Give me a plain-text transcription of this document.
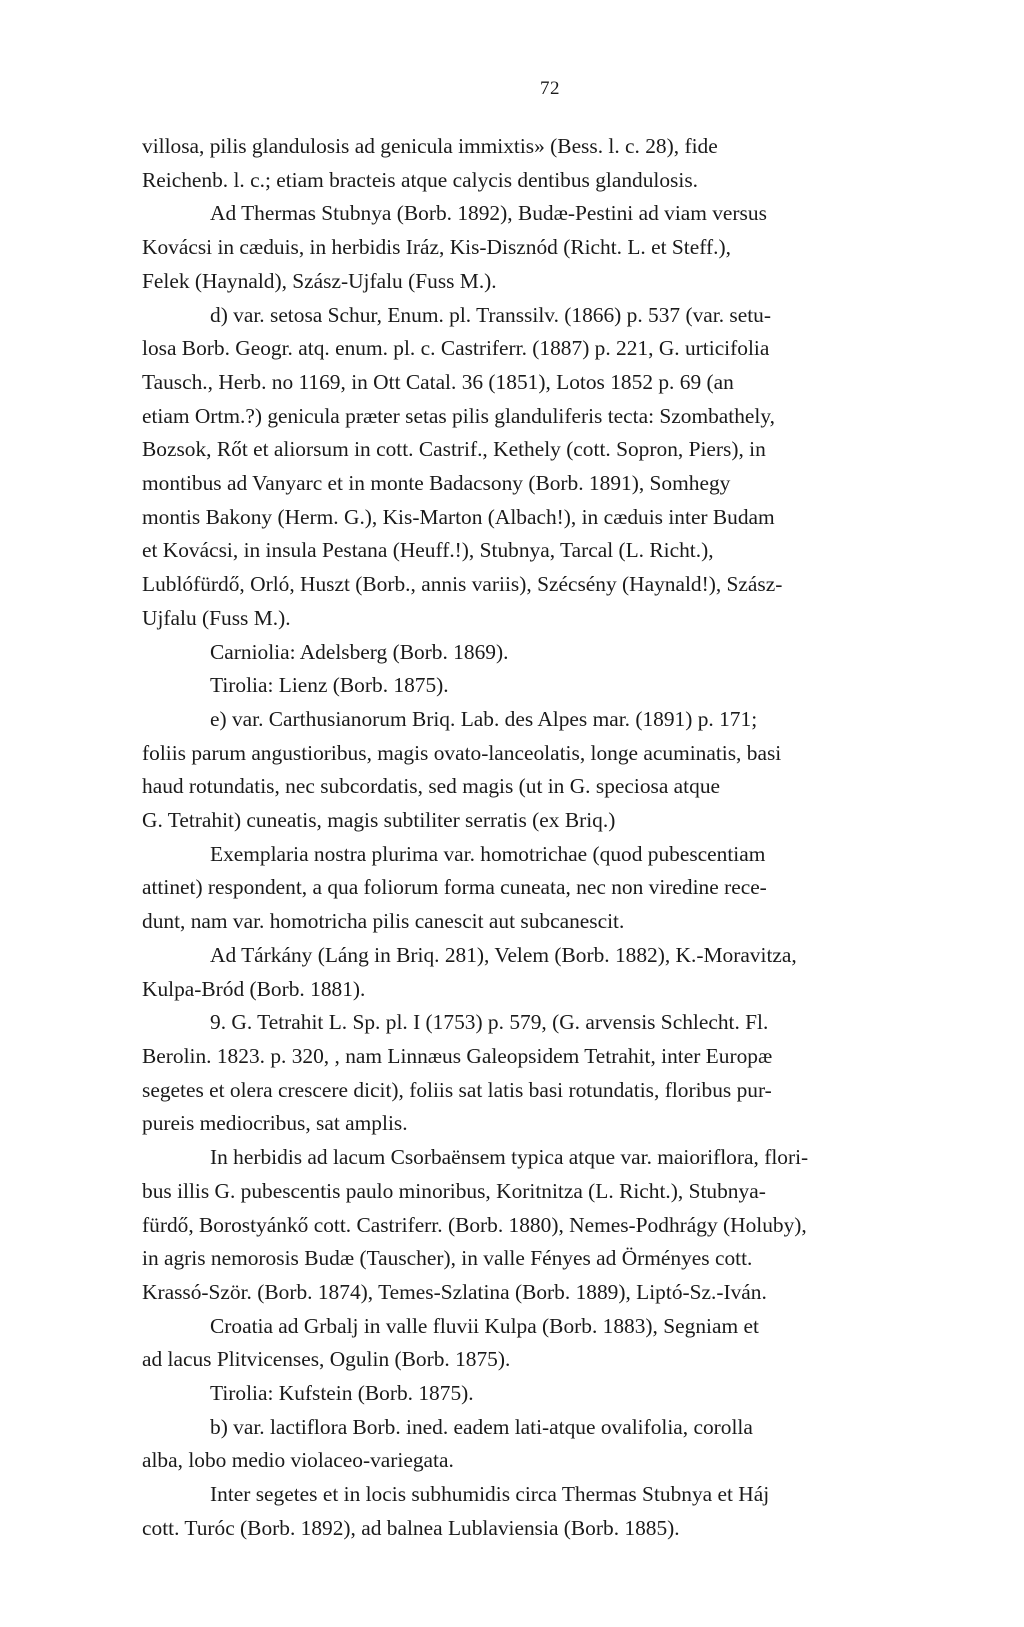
72
villosa, pilis glandulosis ad genicula immixtis» (Bess. l. c. 28), fide
Reichenb. l. c.; etiam bracteis atque calycis dentibus glandulosis.
Ad Thermas Stubnya (Borb. 1892), Budæ-Pestini ad viam versus
Kovácsi in cæduis, in herbidis Iráz, Kis-Disznód (Richt. L. et Steff.),
Felek (Haynald), Szász-Ujfalu (Fuss M.).
d) var. setosa Schur, Enum. pl. Transsilv. (1866) p. 537 (var. setu-
losa Borb. Geogr. atq. enum. pl. c. Castriferr. (1887) p. 221, G. urticifolia
Tausch., Herb. no 1169, in Ott Catal. 36 (1851), Lotos 1852 p. 69 (an
etiam Ortm.?) genicula præter setas pilis glanduliferis tecta: Szombathely,
Bozsok, Rőt et aliorsum in cott. Castrif., Kethely (cott. Sopron, Piers), in
montibus ad Vanyarc et in monte Badacsony (Borb. 1891), Somhegy
montis Bakony (Herm. G.), Kis-Marton (Albach!), in cæduis inter Budam
et Kovácsi, in insula Pestana (Heuff.!), Stubnya, Tarcal (L. Richt.),
Lublófürdő, Orló, Huszt (Borb., annis variis), Szécsény (Haynald!), Szász-
Ujfalu (Fuss M.).
Carniolia: Adelsberg (Borb. 1869).
Tirolia: Lienz (Borb. 1875).
e) var. Carthusianorum Briq. Lab. des Alpes mar. (1891) p. 171;
foliis parum angustioribus, magis ovato-lanceolatis, longe acuminatis, basi
haud rotundatis, nec subcordatis, sed magis (ut in G. speciosa atque
G. Tetrahit) cuneatis, magis subtiliter serratis (ex Briq.)
Exemplaria nostra plurima var. homotrichae (quod pubescentiam
attinet) respondent, a qua foliorum forma cuneata, nec non viredine rece-
dunt, nam var. homotricha pilis canescit aut subcanescit.
Ad Tárkány (Láng in Briq. 281), Velem (Borb. 1882), K.-Moravitza,
Kulpa-Bród (Borb. 1881).
9. G. Tetrahit L. Sp. pl. I (1753) p. 579, (G. arvensis Schlecht. Fl.
Berolin. 1823. p. 320, , nam Linnæus Galeopsidem Tetrahit, inter Europæ
segetes et olera crescere dicit), foliis sat latis basi rotundatis, floribus pur-
pureis mediocribus, sat amplis.
In herbidis ad lacum Csorbaënsem typica atque var. maioriflora, flori-
bus illis G. pubescentis paulo minoribus, Koritnitza (L. Richt.), Stubnya-
fürdő, Borostyánkő cott. Castriferr. (Borb. 1880), Nemes-Podhrágy (Holuby),
in agris nemorosis Budæ (Tauscher), in valle Fényes ad Örményes cott.
Krassó-Ször. (Borb. 1874), Temes-Szlatina (Borb. 1889), Liptó-Sz.-Iván.
Croatia ad Grbalj in valle fluvii Kulpa (Borb. 1883), Segniam et
ad lacus Plitvicenses, Ogulin (Borb. 1875).
Tirolia: Kufstein (Borb. 1875).
b) var. lactiflora Borb. ined. eadem lati-atque ovalifolia, corolla
alba, lobo medio violaceo-variegata.
Inter segetes et in locis subhumidis circa Thermas Stubnya et Háj
cott. Turóc (Borb. 1892), ad balnea Lublaviensia (Borb. 1885).
